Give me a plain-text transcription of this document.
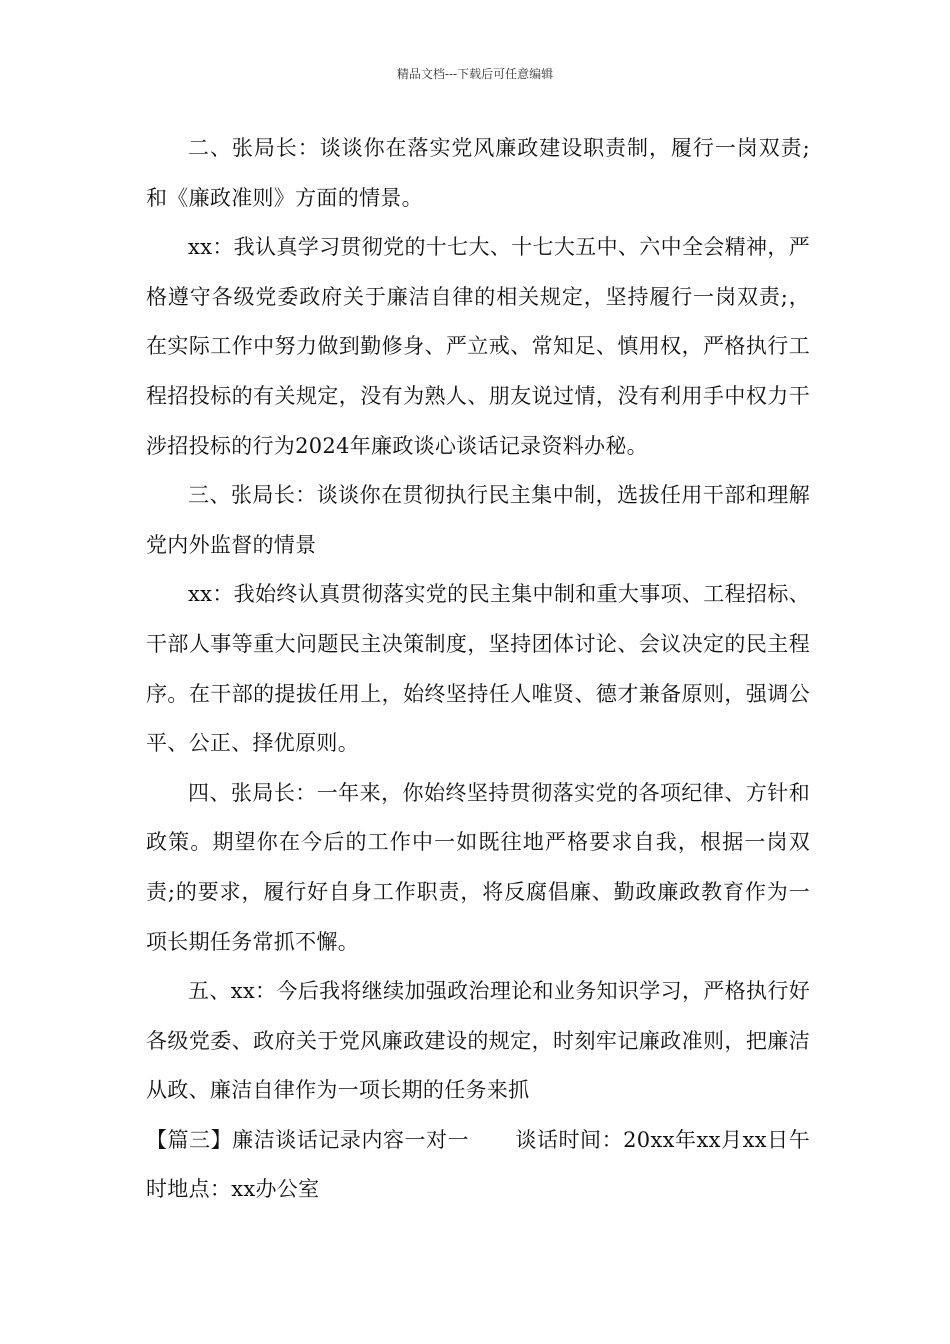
精品文档---下载后可任意编辑

二、张局长：谈谈你在落实党风廉政建设职责制，履行一岗双责;和《廉政准则》方面的情景。

xx：我认真学习贯彻党的十七大、十七大五中、六中全会精神，严格遵守各级党委政府关于廉洁自律的相关规定，坚持履行一岗双责;，在实际工作中努力做到勤修身、严立戒、常知足、慎用权，严格执行工程招投标的有关规定，没有为熟人、朋友说过情，没有利用手中权力干涉招投标的行为2024年廉政谈心谈话记录资料办秘。

三、张局长：谈谈你在贯彻执行民主集中制，选拔任用干部和理解党内外监督的情景

xx：我始终认真贯彻落实党的民主集中制和重大事项、工程招标、干部人事等重大问题民主决策制度，坚持团体讨论、会议决定的民主程序。在干部的提拔任用上，始终坚持任人唯贤、德才兼备原则，强调公平、公正、择优原则。

四、张局长：一年来，你始终坚持贯彻落实党的各项纪律、方针和政策。期望你在今后的工作中一如既往地严格要求自我，根据一岗双责;的要求，履行好自身工作职责，将反腐倡廉、勤政廉政教育作为一项长期任务常抓不懈。

五、xx：今后我将继续加强政治理论和业务知识学习，严格执行好各级党委、政府关于党风廉政建设的规定，时刻牢记廉政准则，把廉洁从政、廉洁自律作为一项长期的任务来抓

【篇三】廉洁谈话记录内容一对一 谈话时间：20xx年xx月xx日午时地点：xx办公室
